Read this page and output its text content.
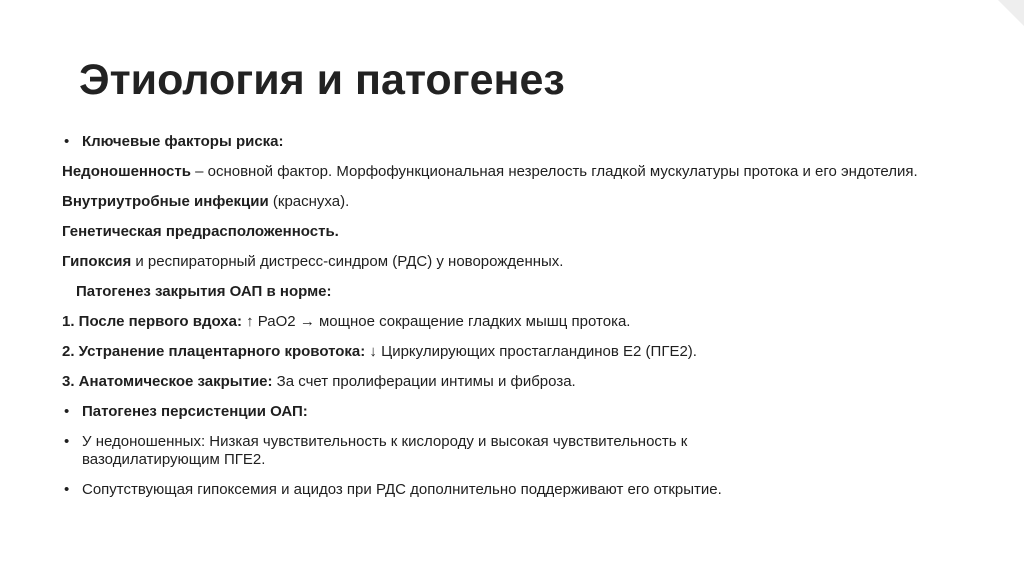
Этиология и патогенез

• Ключевые факторы риска:

Недоношенность – основной фактор. Морфофункциональная незрелость гладкой мускулатуры протока и его эндотелия.

Внутриутробные инфекции (краснуха).

Генетическая предрасположенность.

Гипоксия и респираторный дистресс-синдром (РДС) у новорожденных.

Патогенез закрытия ОАП в норме:

1. После первого вдоха: ↑ РаО2 → мощное сокращение гладких мышц протока.

2. Устранение плацентарного кровотока: ↓ Циркулирующих простагландинов Е2 (ПГЕ2).

3. Анатомическое закрытие: За счет пролиферации интимы и фиброза.

• Патогенез персистенции ОАП:

• У недоношенных: Низкая чувствительность к кислороду и высокая чувствительность к вазодилатирующим ПГЕ2.

• Сопутствующая гипоксемия и ацидоз при РДС дополнительно поддерживают его открытие.
